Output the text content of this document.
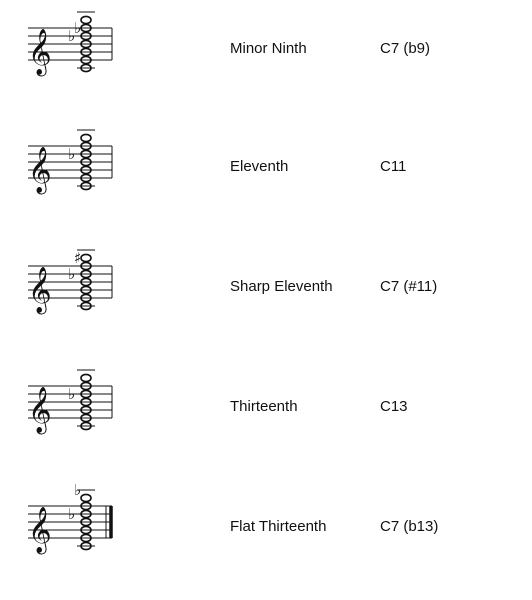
𝄞 ♭
♭
Minor Ninth	C7 (b9)
𝄞 ♭
Eleventh	C11
𝄞 ♭
♯
Sharp Eleventh	C7 (#11)
𝄞 ♭
Thirteenth	C13
𝄞 ♭
♭
Flat Thirteenth	C7 (b13)
